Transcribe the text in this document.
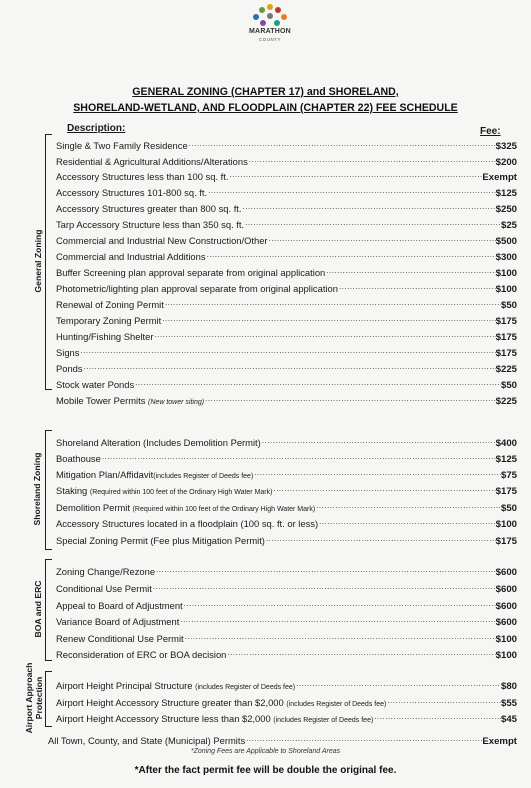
MARATHON
COUNTY
GENERAL ZONING (CHAPTER 17) and SHORELAND,
SHORELAND-WETLAND, AND FLOODPLAIN (CHAPTER 22) FEE SCHEDULE
Description:	Fee:
General Zoning
Shoreland Zoning
BOA and ERC
Airport Approach Protection
Single & Two Family Residence .....	$325
Residential & Agricultural Additions/Alterations .....	$200
Accessory Structures less than 100 sq. ft. .....	Exempt
Accessory Structures 101-800 sq. ft. .....	$125
Accessory Structures greater than 800 sq. ft. .....	$250
Tarp Accessory Structure less than 350 sq. ft. .....	$25
Commercial and Industrial New Construction/Other .....	$500
Commercial and Industrial Additions .....	$300
Buffer Screening plan approval separate from original application .....	$100
Photometric/lighting plan approval separate from original application .....	$100
Renewal of Zoning Permit .....	$50
Temporary Zoning Permit .....	$175
Hunting/Fishing Shelter .....	$175
Signs .....	$175
Ponds .....	$225
Stock water Ponds .....	$50
Mobile Tower Permits (New tower siting) .....	$225
Shoreland Alteration (Includes Demolition Permit) .....	$400
Boathouse .....	$125
Mitigation Plan/Affidavit(includes Register of Deeds fee) .....	$75
Staking (Required within 100 feet of the Ordinary High Water Mark) .....	$175
Demolition Permit (Required within 100 feet of the Ordinary High Water Mark) .....	$50
Accessory Structures located in a floodplain (100 sq. ft. or less) .....	$100
Special Zoning Permit (Fee plus Mitigation Permit) .....	$175
Zoning Change/Rezone .....	$600
Conditional Use Permit .....	$600
Appeal to Board of Adjustment .....	$600
Variance Board of Adjustment .....	$600
Renew Conditional Use Permit .....	$100
Reconsideration of ERC or BOA decision .....	$100
Airport Height Principal Structure (includes Register of Deeds fee) .....	$80
Airport Height Accessory Structure greater than $2,000 (includes Register of Deeds fee) .....	$55
Airport Height Accessory Structure less than $2,000 (includes Register of Deeds fee) .....	$45
All Town, County, and State (Municipal) Permits .....	Exempt
*Zoning Fees are Applicable to Shoreland Areas
*After the fact permit fee will be double the original fee.
